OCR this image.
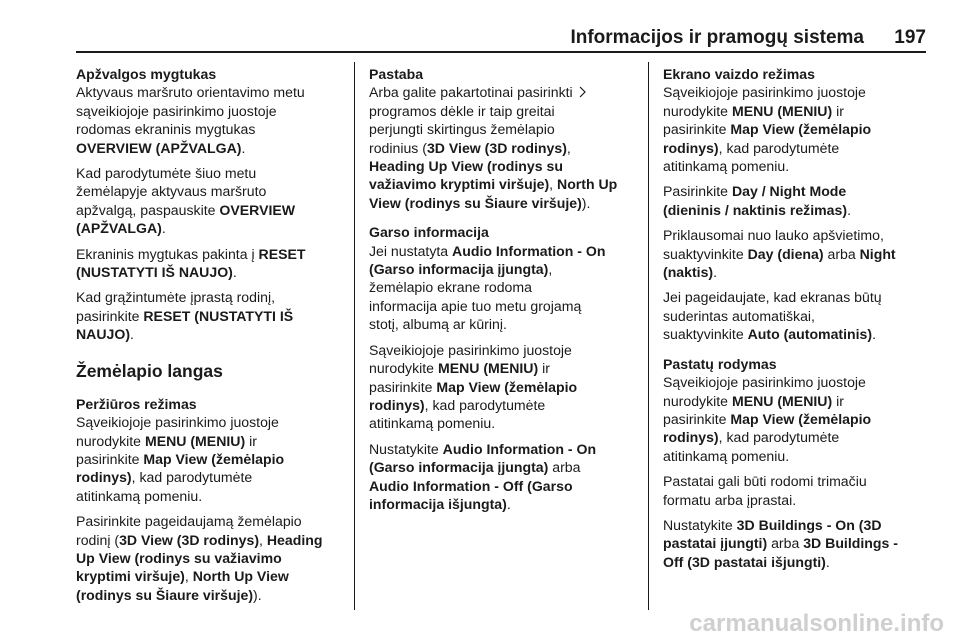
Informacijos ir pramogų sistema 197
Apžvalgos mygtukas

Aktyvaus maršruto orientavimo metu
sąveikiojoje pasirinkimo juostoje
rodomas ekraninis mygtukas
OVERVIEW (APŽVALGA).

Kad parodytumėte šiuo metu
žemėlapyje aktyvaus maršruto
apžvalgą, paspauskite OVERVIEW
(APŽVALGA).

Ekraninis mygtukas pakinta į RESET
(NUSTATYTI IŠ NAUJO).

Kad grąžintumėte įprastą rodinį,
pasirinkite RESET (NUSTATYTI IŠ
NAUJO).

Žemėlapio langas
Peržiūros režimas

Sąveikiojoje pasirinkimo juostoje
nurodykite MENU (MENIU) ir
pasirinkite Map View (žemėlapio
rodinys), kad parodytumėte
atitinkamą pomeniu.

Pasirinkite pageidaujamą žemėlapio
rodinį (3D View (3D rodinys), Heading
Up View (rodinys su važiavimo
kryptimi viršuje), North Up View
(rodinys su Šiaure viršuje)).

Pastaba

Arba galite pakartotinai pasirinkti
programos dėkle ir taip greitai
perjungti skirtingus žemėlapio
rodinius (3D View (3D rodinys),
Heading Up View (rodinys su
važiavimo kryptimi viršuje), North Up
View (rodinys su Šiaure viršuje)).

Garso informacija

Jei nustatyta Audio Information - On
(Garso informacija įjungta),
žemėlapio ekrane rodoma
informacija apie tuo metu grojamą
stotį, albumą ar kūrinį.

Sąveikiojoje pasirinkimo juostoje
nurodykite MENU (MENIU) ir
pasirinkite Map View (žemėlapio
rodinys), kad parodytumėte
atitinkamą pomeniu.

Nustatykite Audio Information - On
(Garso informacija įjungta) arba
Audio Information - Off (Garso
informacija išjungta).

Ekrano vaizdo režimas

Sąveikiojoje pasirinkimo juostoje
nurodykite MENU (MENIU) ir
pasirinkite Map View (žemėlapio
rodinys), kad parodytumėte
atitinkamą pomeniu.

Pasirinkite Day / Night Mode
(dieninis / naktinis režimas).

Priklausomai nuo lauko apšvietimo,
suaktyvinkite Day (diena) arba Night
(naktis).

Jei pageidaujate, kad ekranas būtų
suderintas automatiškai,
suaktyvinkite Auto (automatinis).

Pastatų rodymas

Sąveikiojoje pasirinkimo juostoje
nurodykite MENU (MENIU) ir
pasirinkite Map View (žemėlapio
rodinys), kad parodytumėte
atitinkamą pomeniu.

Pastatai gali būti rodomi trimačiu
formatu arba įprastai.

Nustatykite 3D Buildings - On (3D
pastatai įjungti) arba 3D Buildings -
Off (3D pastatai išjungti).

carmanualsonline.info
